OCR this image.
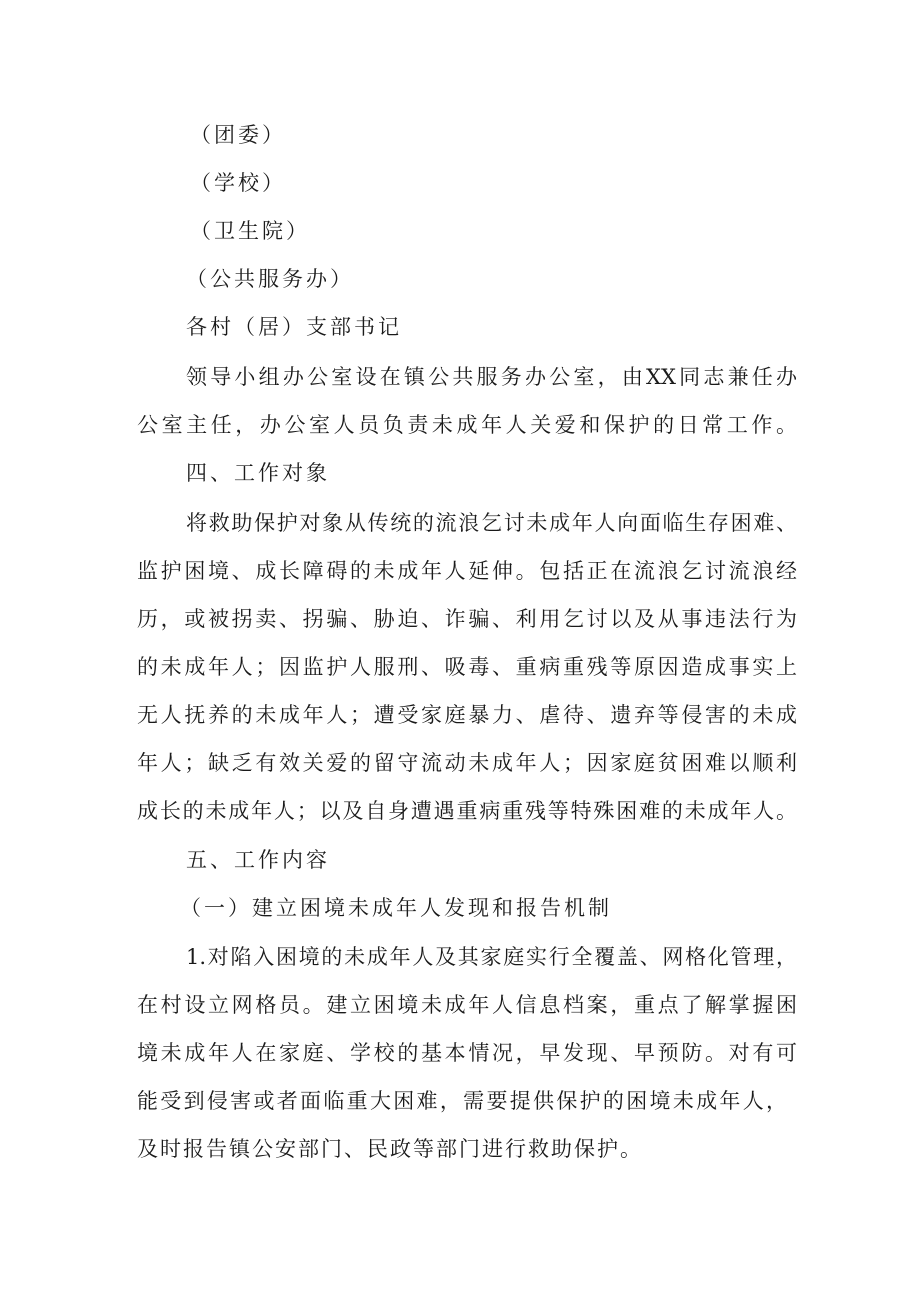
（团委）
（学校）
（卫生院）
（公共服务办）
各村（居）支部书记
领导小组办公室设在镇公共服务办公室，由XX同志兼任办
公室主任，办公室人员负责未成年人关爱和保护的日常工作。
四、工作对象
将救助保护对象从传统的流浪乞讨未成年人向面临生存困难、
监护困境、成长障碍的未成年人延伸。包括正在流浪乞讨流浪经
历，或被拐卖、拐骗、胁迫、诈骗、利用乞讨以及从事违法行为
的未成年人；因监护人服刑、吸毒、重病重残等原因造成事实上
无人抚养的未成年人；遭受家庭暴力、虐待、遗弃等侵害的未成
年人；缺乏有效关爱的留守流动未成年人；因家庭贫困难以顺利
成长的未成年人；以及自身遭遇重病重残等特殊困难的未成年人。
五、工作内容
（一）建立困境未成年人发现和报告机制
1.对陷入困境的未成年人及其家庭实行全覆盖、网格化管理，
在村设立网格员。建立困境未成年人信息档案，重点了解掌握困
境未成年人在家庭、学校的基本情况，早发现、早预防。对有可
能受到侵害或者面临重大困难，需要提供保护的困境未成年人，
及时报告镇公安部门、民政等部门进行救助保护。
